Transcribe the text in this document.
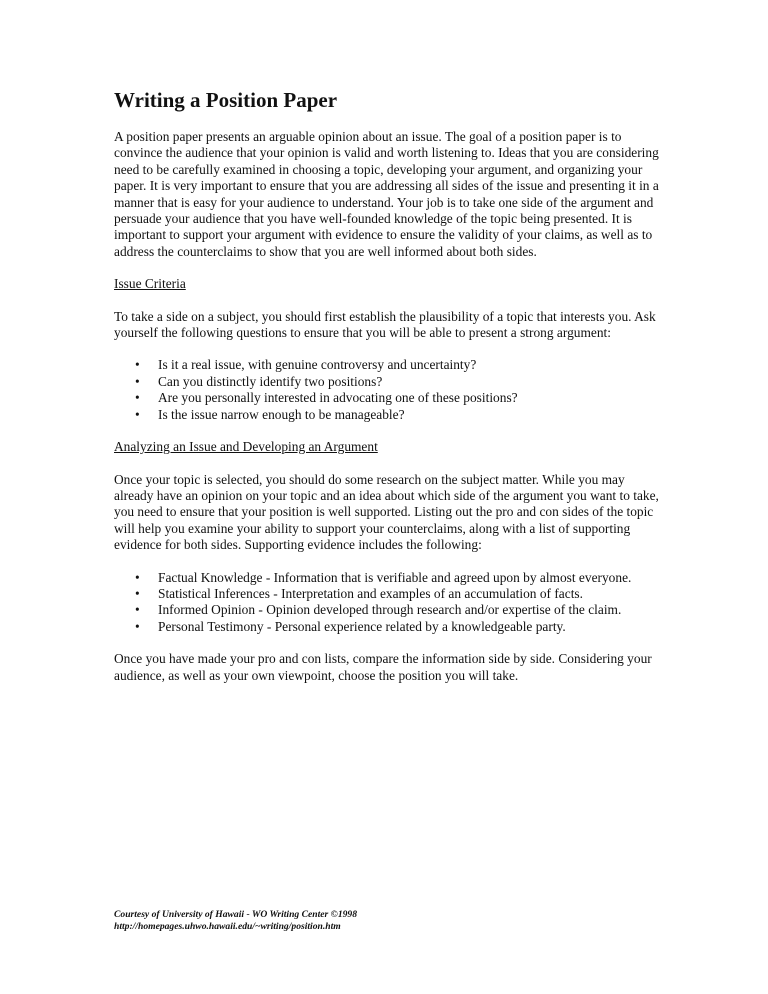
Writing a Position Paper

A position paper presents an arguable opinion about an issue. The goal of a position paper is to convince the audience that your opinion is valid and worth listening to. Ideas that you are considering need to be carefully examined in choosing a topic, developing your argument, and organizing your paper. It is very important to ensure that you are addressing all sides of the issue and presenting it in a manner that is easy for your audience to understand. Your job is to take one side of the argument and persuade your audience that you have well-founded knowledge of the topic being presented. It is important to support your argument with evidence to ensure the validity of your claims, as well as to address the counterclaims to show that you are well informed about both sides.

Issue Criteria

To take a side on a subject, you should first establish the plausibility of a topic that interests you. Ask yourself the following questions to ensure that you will be able to present a strong argument:

• Is it a real issue, with genuine controversy and uncertainty?
• Can you distinctly identify two positions?
• Are you personally interested in advocating one of these positions?
• Is the issue narrow enough to be manageable?

Analyzing an Issue and Developing an Argument

Once your topic is selected, you should do some research on the subject matter. While you may already have an opinion on your topic and an idea about which side of the argument you want to take, you need to ensure that your position is well supported. Listing out the pro and con sides of the topic will help you examine your ability to support your counterclaims, along with a list of supporting evidence for both sides. Supporting evidence includes the following:

• Factual Knowledge - Information that is verifiable and agreed upon by almost everyone.
• Statistical Inferences - Interpretation and examples of an accumulation of facts.
• Informed Opinion - Opinion developed through research and/or expertise of the claim.
• Personal Testimony - Personal experience related by a knowledgeable party.

Once you have made your pro and con lists, compare the information side by side. Considering your audience, as well as your own viewpoint, choose the position you will take.

Courtesy of University of Hawaii - WO Writing Center ©1998
http://homepages.uhwo.hawaii.edu/~writing/position.htm
